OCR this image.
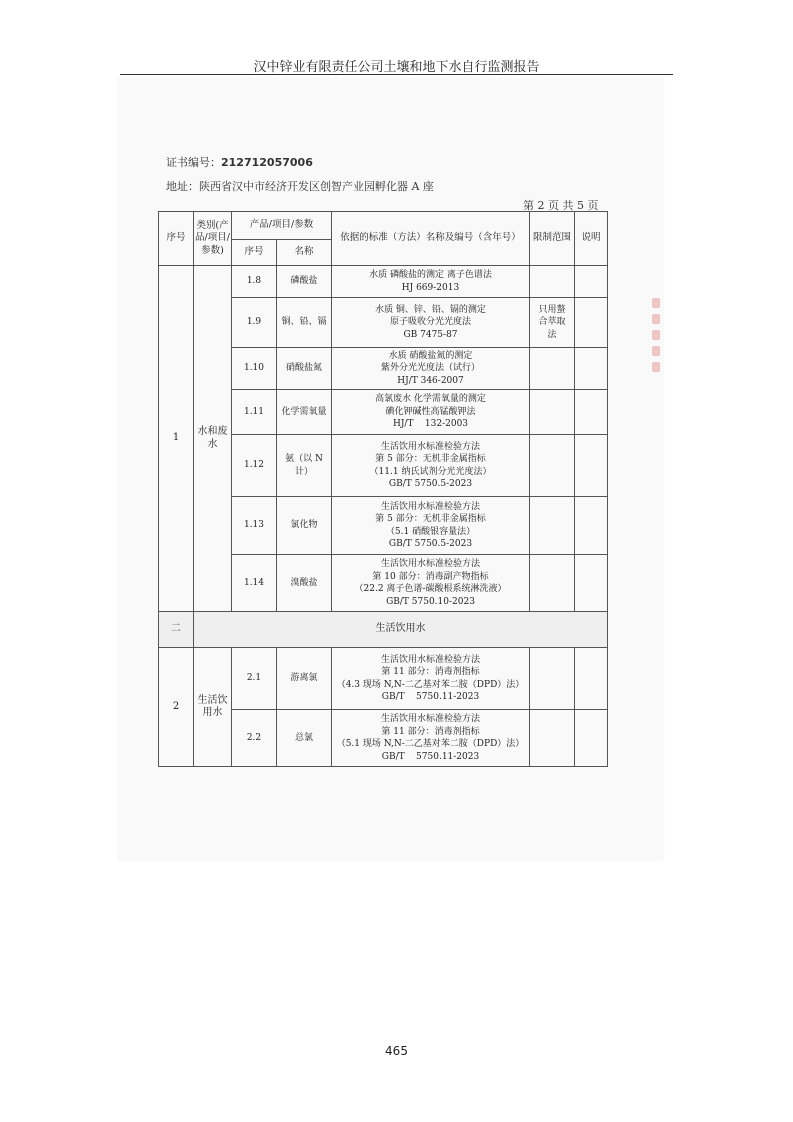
汉中锌业有限责任公司土壤和地下水自行监测报告
证书编号：212712057006
地址：陕西省汉中市经济开发区创智产业园孵化器 A 座
第 2 页 共 5 页
序号	类别(产品/项目/参数)	产品/项目/参数		依据的标准（方法）名称及编号（含年号）	限制范围	说明
		序号	名称			
1	水和废水	1.8	磷酸盐	水质 磷酸盐的测定 离子色谱法
HJ 669-2013		

		1.9	铜、铅、镉	水质 铜、锌、铅、镉的测定
原子吸收分光光度法
GB 7475-87	只用螯合萃取法	

		1.10	硝酸盐氮	水质 硝酸盐氮的测定
紫外分光光度法（试行）
HJ/T 346-2007		

		1.11	化学需氧量	高氯废水 化学需氧量的测定
碘化钾碱性高锰酸钾法
HJ/T    132-2003		

		1.12	氨（以 N 计）	生活饮用水标准检验方法
第 5 部分：无机非金属指标
（11.1 纳氏试剂分光光度法）
GB/T 5750.5-2023		

		1.13	氯化物	生活饮用水标准检验方法
第 5 部分：无机非金属指标
（5.1 硝酸银容量法）
GB/T 5750.5-2023		

		1.14	溴酸盐	生活饮用水标准检验方法
第 10 部分：消毒副产物指标
（22.2 离子色谱-碳酸根系统淋洗液）
GB/T 5750.10-2023		

二	生活饮用水					
2	生活饮用水	2.1	游离氯	生活饮用水标准检验方法
第 11 部分：消毒剂指标
（4.3 现场 N,N-二乙基对苯二胺（DPD）法）
GB/T    5750.11-2023		

		2.2	总氯	生活饮用水标准检验方法
第 11 部分：消毒剂指标
（5.1 现场 N,N-二乙基对苯二胺（DPD）法）
GB/T    5750.11-2023		

465
